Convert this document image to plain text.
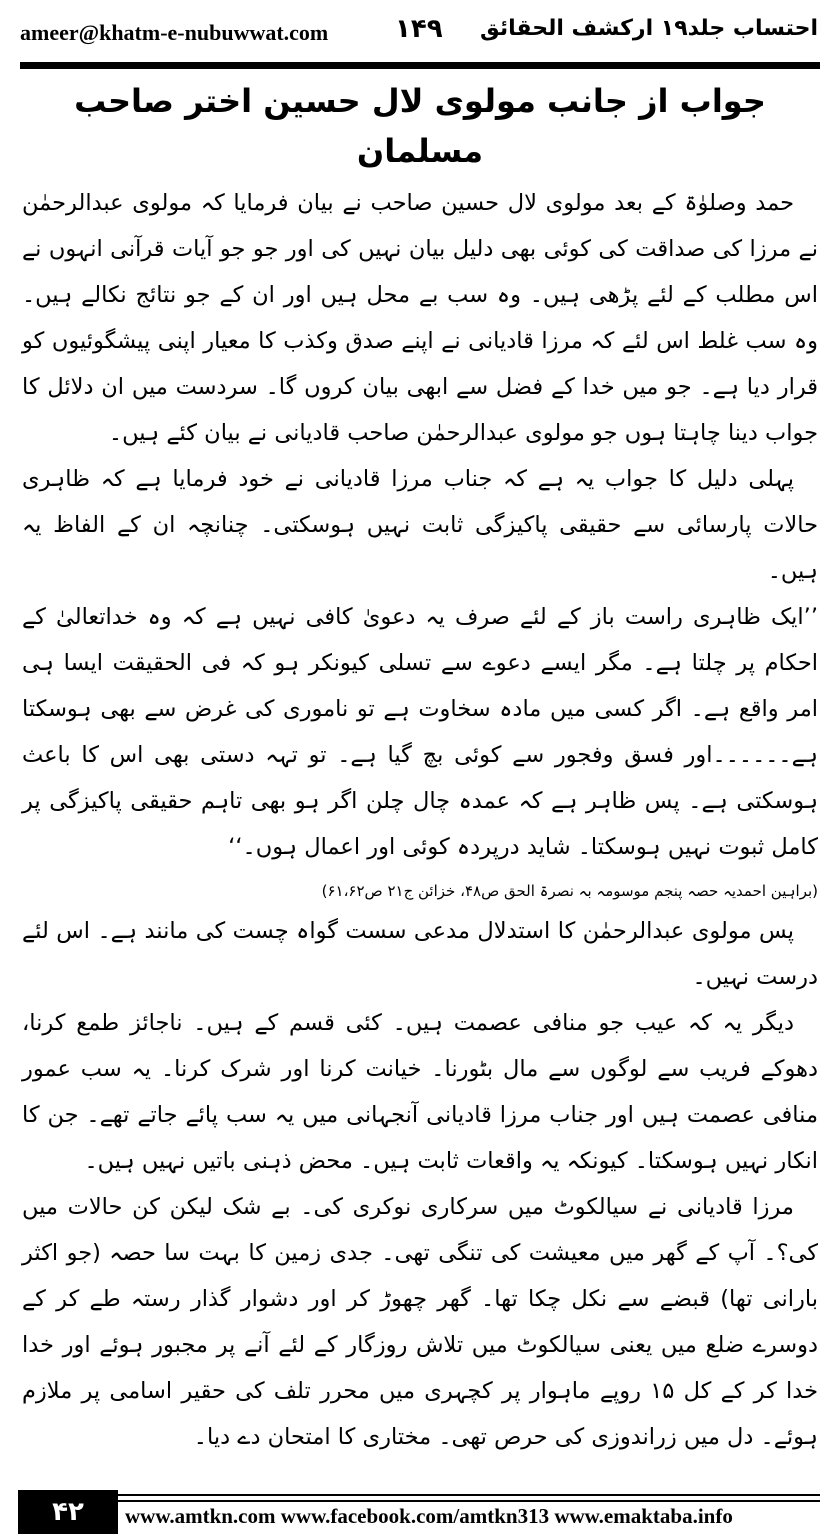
ameer@khatm-e-nubuwwat.com	۱۴۹ احتساب جلد۱۹ ارکشف الحقائق
جواب از جانب مولوی لال حسین اختر صاحب مسلمان

حمد وصلوٰۃ کے بعد مولوی لال حسین صاحب نے بیان فرمایا کہ مولوی عبدالرحمٰن نے مرزا کی صداقت کی کوئی بھی دلیل بیان نہیں کی اور جو جو آیات قرآنی انہوں نے اس مطلب کے لئے پڑھی ہیں۔ وہ سب بے محل ہیں اور ان کے جو نتائج نکالے ہیں۔ وہ سب غلط اس لئے کہ مرزا قادیانی نے اپنے صدق وکذب کا معیار اپنی پیشگوئیوں کو قرار دیا ہے۔ جو میں خدا کے فضل سے ابھی بیان کروں گا۔ سردست میں ان دلائل کا جواب دینا چاہتا ہوں جو مولوی عبدالرحمٰن صاحب قادیانی نے بیان کئے ہیں۔

پہلی دلیل کا جواب یہ ہے کہ جناب مرزا قادیانی نے خود فرمایا ہے کہ ظاہری حالات پارسائی سے حقیقی پاکیزگی ثابت نہیں ہوسکتی۔ چنانچہ ان کے الفاظ یہ ہیں۔

’’ایک ظاہری راست باز کے لئے صرف یہ دعویٰ کافی نہیں ہے کہ وہ خداتعالیٰ کے احکام پر چلتا ہے۔ مگر ایسے دعوے سے تسلی کیونکر ہو کہ فی الحقیقت ایسا ہی امر واقع ہے۔ اگر کسی میں مادہ سخاوت ہے تو ناموری کی غرض سے بھی ہوسکتا ہے۔۔۔۔۔۔اور فسق وفجور سے کوئی بچ گیا ہے۔ تو تہہ دستی بھی اس کا باعث ہوسکتی ہے۔ پس ظاہر ہے کہ عمدہ چال چلن اگر ہو بھی تاہم حقیقی پاکیزگی پر کامل ثبوت نہیں ہوسکتا۔ شاید درپردہ کوئی اور اعمال ہوں۔‘‘

(براہین احمدیہ حصہ پنجم موسومہ بہ نصرۃ الحق ص۴۸، خزائن ج۲۱ ص۶۱،۶۲)

پس مولوی عبدالرحمٰن کا استدلال مدعی سست گواہ چست کی مانند ہے۔ اس لئے درست نہیں۔

دیگر یہ کہ عیب جو منافی عصمت ہیں۔ کئی قسم کے ہیں۔ ناجائز طمع کرنا، دھوکے فریب سے لوگوں سے مال بٹورنا۔ خیانت کرنا اور شرک کرنا۔ یہ سب عمور منافی عصمت ہیں اور جناب مرزا قادیانی آنجہانی میں یہ سب پائے جاتے تھے۔ جن کا انکار نہیں ہوسکتا۔ کیونکہ یہ واقعات ثابت ہیں۔ محض ذہنی باتیں نہیں ہیں۔

مرزا قادیانی نے سیالکوٹ میں سرکاری نوکری کی۔ بے شک لیکن کن حالات میں کی؟۔ آپ کے گھر میں معیشت کی تنگی تھی۔ جدی زمین کا بہت سا حصہ (جو اکثر بارانی تھا) قبضے سے نکل چکا تھا۔ گھر چھوڑ کر اور دشوار گذار رستہ طے کر کے دوسرے ضلع میں یعنی سیالکوٹ میں تلاش روزگار کے لئے آنے پر مجبور ہوئے اور خدا خدا کر کے کل ۱۵ روپے ماہوار پر کچہری میں محرر تلف کی حقیر اسامی پر ملازم ہوئے۔ دل میں زراندوزی کی حرص تھی۔ مختاری کا امتحان دے دیا۔

۴۲	www.amtkn.com www.facebook.com/amtkn313 www.emaktaba.info
